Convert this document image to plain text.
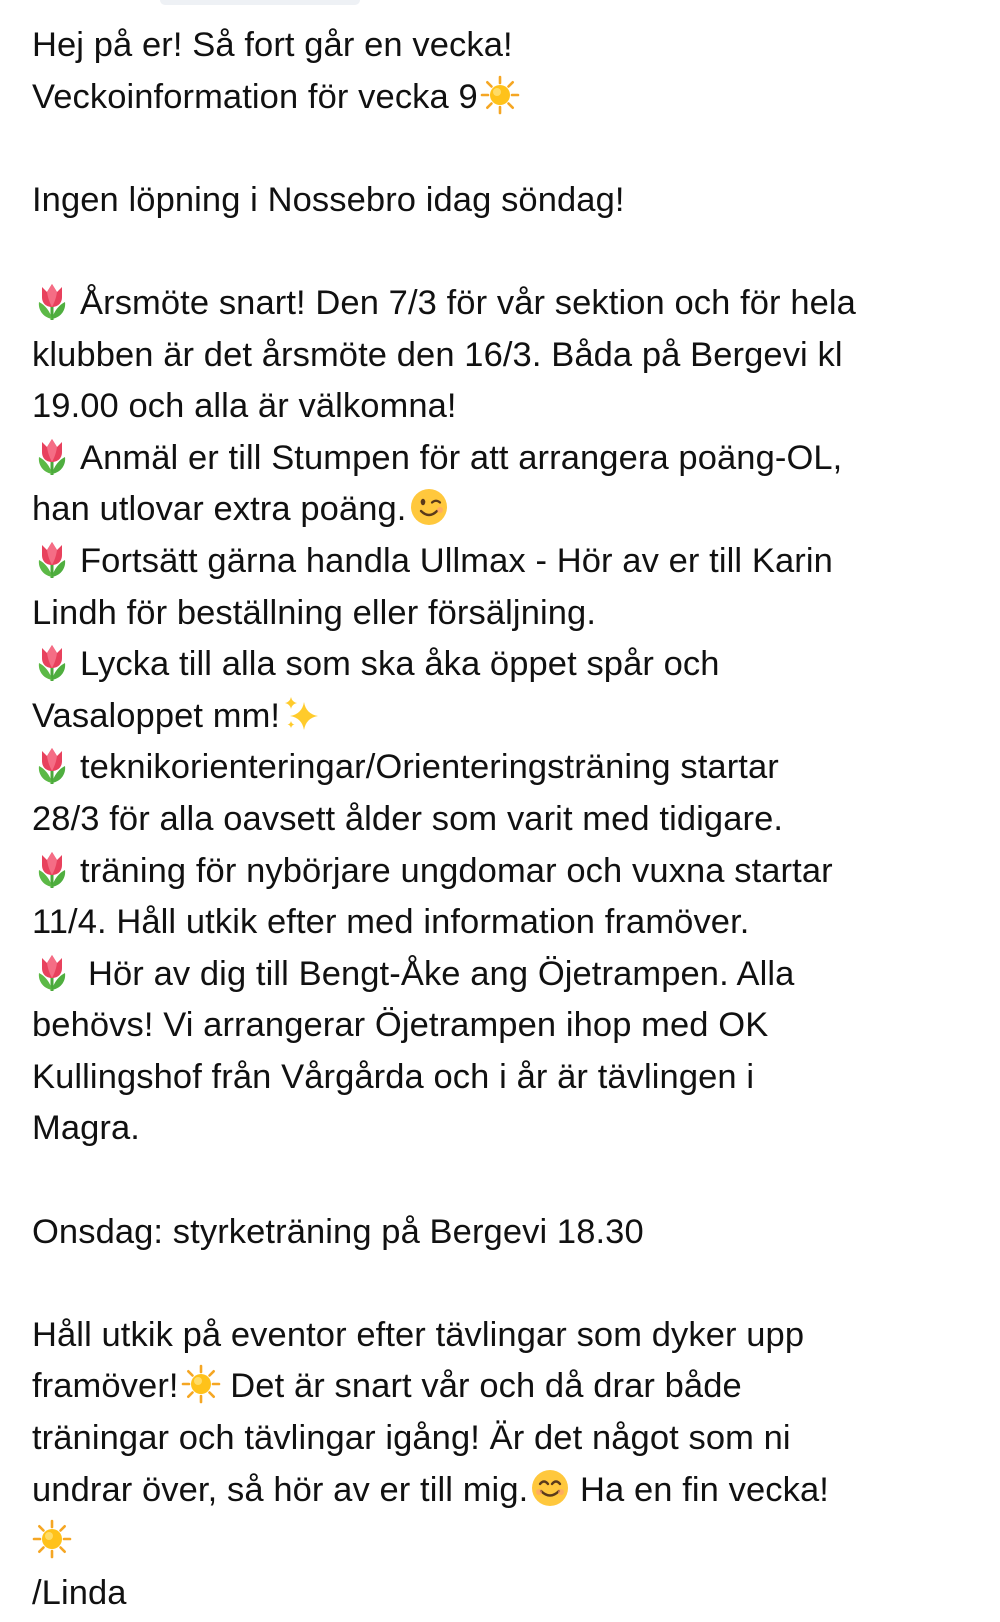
Hej på er! Så fort går en vecka!
Veckoinformation för vecka 9
Ingen löpning i Nossebro idag söndag!
Årsmöte snart! Den 7/3 för vår sektion och för hela
klubben är det årsmöte den 16/3. Båda på Bergevi kl
19.00 och alla är välkomna!
Anmäl er till Stumpen för att arrangera poäng-OL,
han utlovar extra poäng.
Fortsätt gärna handla Ullmax - Hör av er till Karin
Lindh för beställning eller försäljning.
Lycka till alla som ska åka öppet spår och
Vasaloppet mm!
teknikorienteringar/Orienteringsträning startar
28/3 för alla oavsett ålder som varit med tidigare.
träning för nybörjare ungdomar och vuxna startar
11/4. Håll utkik efter med information framöver.
Hör av dig till Bengt-Åke ang Öjetrampen. Alla
behövs! Vi arrangerar Öjetrampen ihop med OK
Kullingshof från Vårgårda och i år är tävlingen i
Magra.
Onsdag: styrketräning på Bergevi 18.30
Håll utkik på eventor efter tävlingar som dyker upp
framöver! Det är snart vår och då drar både
träningar och tävlingar igång! Är det något som ni
undrar över, så hör av er till mig. Ha en fin vecka!
/Linda
